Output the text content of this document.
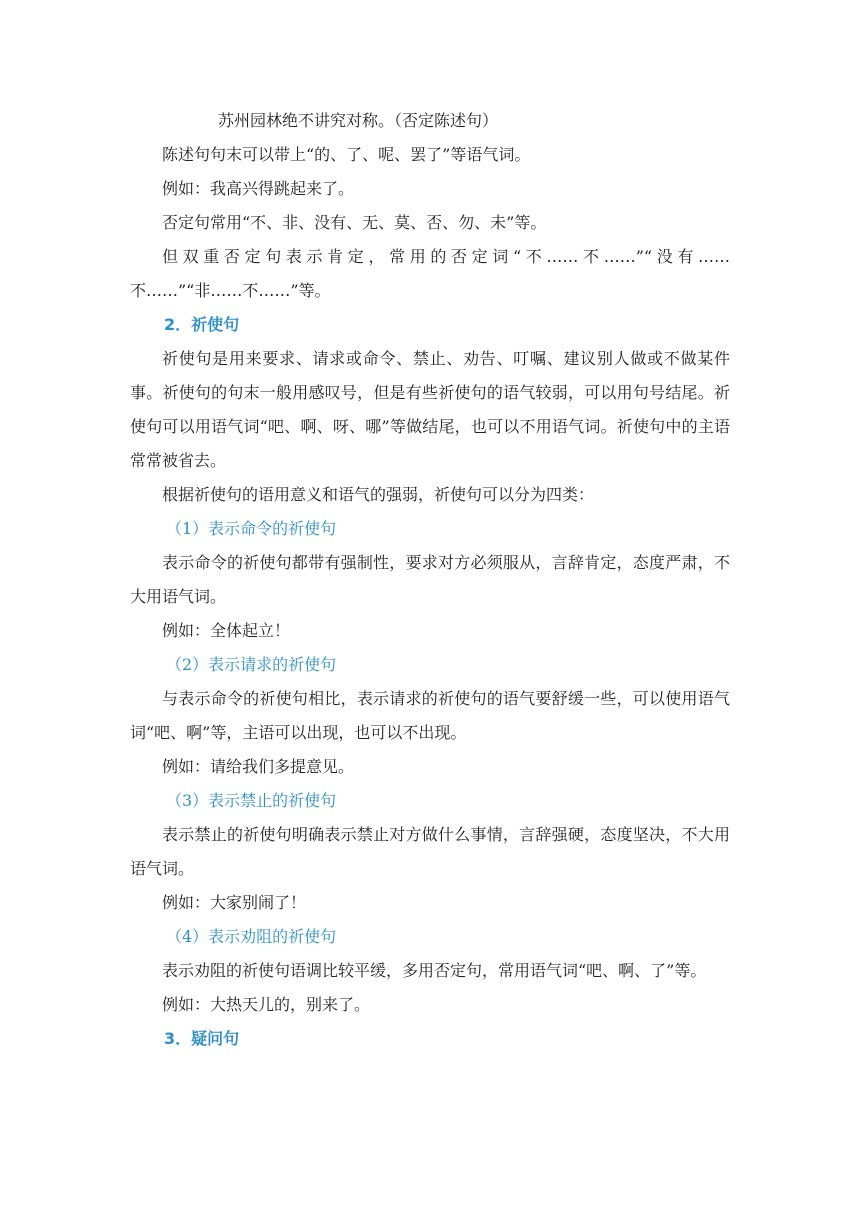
苏州园林绝不讲究对称。（否定陈述句）

陈述句句末可以带上“的、了、呢、罢了”等语气词。

例如：我高兴得跳起来了。

否定句常用“不、非、没有、无、莫、否、勿、未”等。

但双重否定句表示肯定，常用的否定词“不……不……”“没有……不……”“非……不……”等。

2．祈使句

祈使句是用来要求、请求或命令、禁止、劝告、叮嘱、建议别人做或不做某件事。祈使句的句末一般用感叹号，但是有些祈使句的语气较弱，可以用句号结尾。祈使句可以用语气词“吧、啊、呀、哪”等做结尾，也可以不用语气词。祈使句中的主语常常被省去。

根据祈使句的语用意义和语气的强弱，祈使句可以分为四类：

（1）表示命令的祈使句

表示命令的祈使句都带有强制性，要求对方必须服从，言辞肯定，态度严肃，不大用语气词。

例如：全体起立！

（2）表示请求的祈使句

与表示命令的祈使句相比，表示请求的祈使句的语气要舒缓一些，可以使用语气词“吧、啊”等，主语可以出现，也可以不出现。

例如：请给我们多提意见。

（3）表示禁止的祈使句

表示禁止的祈使句明确表示禁止对方做什么事情，言辞强硬，态度坚决，不大用语气词。

例如：大家别闹了！

（4）表示劝阻的祈使句

表示劝阻的祈使句语调比较平缓，多用否定句，常用语气词“吧、啊、了”等。

例如：大热天儿的，别来了。

3．疑问句
